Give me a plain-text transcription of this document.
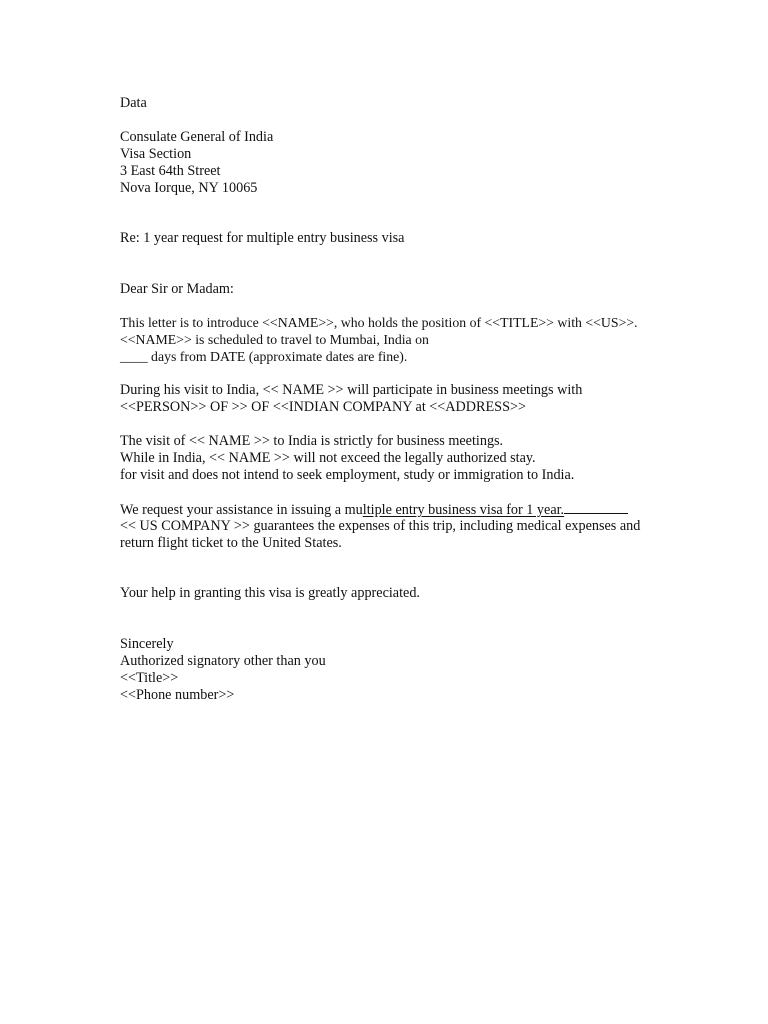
Data
Consulate General of India
Visa Section
3 East 64th Street
Nova Iorque, NY 10065
Re: 1 year request for multiple entry business visa
Dear Sir or Madam:
This letter is to introduce <<NAME>>, who holds the position of <<TITLE>> with <<US>>.
<<NAME>> is scheduled to travel to Mumbai, India on
____ days from DATE (approximate dates are fine).
During his visit to India, << NAME >> will participate in business meetings with
<<PERSON>> OF >> OF <<INDIAN COMPANY at <<ADDRESS>>
The visit of << NAME >> to India is strictly for business meetings.
While in India, << NAME >> will not exceed the legally authorized stay.
for visit and does not intend to seek employment, study or immigration to India.
We request your assistance in issuing a multiple entry business visa for 1 year.
<< US COMPANY >> guarantees the expenses of this trip, including medical expenses and
return flight ticket to the United States.
Your help in granting this visa is greatly appreciated.
Sincerely
Authorized signatory other than you
<<Title>>
<<Phone number>>
